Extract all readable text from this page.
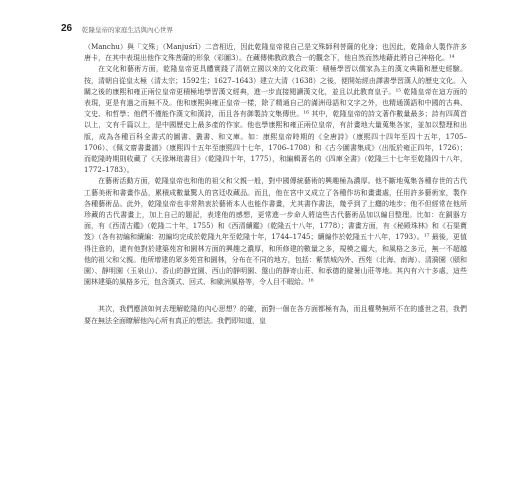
26 乾隆皇帝的家庭生活與內心世界

（Manchu）與「文殊」（Manjuśrī）二音相近，因此乾隆皇帝視自己是文殊師利菩薩的化身；也因此，乾隆命人製作許多唐卡，在其中表現出他作文殊菩薩的形象（彩圖3）。在藏傳佛教政教合一的觀念下，他自然而然地藉此將自己神格化。¹⁴

在文化和藝術方面，乾隆皇帝更具體實踐了清朝立國以來的文化政策：積極學習以儒家為主的漢文典籍和歷史經驗。按，清朝自從皇太極（清太宗；1592生；1627–1643）建立大清（1638）之後，便開始經由譯書學習漢人的歷史文化。入關之後的康熙和雍正兩位皇帝更積極地學習漢文經典，進一步直接閱讀漢文化，並且以此教育皇子。¹⁵ 乾隆皇帝在這方面的表現，更是有過之而無不及。他和康熙與雍正皇帝一樣，除了精通自己的滿洲母語和文字之外，也精通漢語和中國的古典、文史、和哲學；他們不僅能作漢文和漢詩，而且各有御製詩文集傳世。¹⁶ 其中，乾隆皇帝的詩文著作數量最多；詩有四萬首以上，文有千篇以上，是中國歷史上最多產的作家。他也學康熙和雍正兩位皇帝，有計畫地大量蒐集各家，並加以整理和出版，成為各種百科全書式的圖書、叢書、和文庫。如：康熙皇帝時期的《全唐詩》（康熙四十四年至四十五年，1705–1706）、《佩文齋書畫譜》（康熙四十五年至康熙四十七年，1706–1708）和《古今圖書集成》（出版於雍正四年，1726）；而乾隆時期則收藏了《天祿琳琅書目》（乾隆四十年，1775），和編輯著名的《四庫全書》（乾隆三十七年至乾隆四十八年，1772–1783）。

在藝術活動方面，乾隆皇帝也和他的祖父和父親一般，對中國傳統藝術的興趣極為濃厚。他不斷地蒐集各種存世的古代工藝美術和書畫作品，累積成數量驚人的宮廷收藏品。而且，他在宮中又成立了各種作坊和畫畫處，任用許多藝術家，製作各種藝術品。此外，乾隆皇帝也非常熱衷於藝術本人也能作書畫，尤其書作書法，幾乎到了上癮的地步；他不但經常在他所珍藏的古代書畫上，加上自己的題記，表達他的感想，更常進一步命人將這些古代藝術品加以編目整理。比如：在銅器方面，有《西清古鑑》（乾隆二十年，1755）和《西清續鑑》（乾隆五十八年，1778）；書畫方面，有《秘殿珠林》和《石渠寶笈》（各有初編和續編：初編均完成於乾隆九年至乾隆十年，1744–1745；續編作於乾隆五十八年，1793）。¹⁷ 最後，更值得注意的，還有他對於建築苑宮和園林方面的興趣之濃厚，和所修建的數量之多，規模之龐大，和風格之多元，無一不超越他的祖父和父親。他所增建的眾多苑宮和園林，分布在不同的地方，包括：紫禁城內外、西苑（北海、南海）、清漪園（頤和園）、靜明園（玉泉山）、香山的靜宜園、西山的靜明園、盤山的靜寄山莊、和承德的避暑山莊等地。其內有六十多處，這些園林建築的風格多元，包含漢式、回式、和歐洲風格等，令人目不暇給。¹⁸

其次，我們應該如何去理解乾隆的內心思想？的確，面對一個在各方面都極有為，而且權勢無所不在的盛世之君，我們要在無法全面瞭解他內心所有真正的想法。我們即知道，皇
